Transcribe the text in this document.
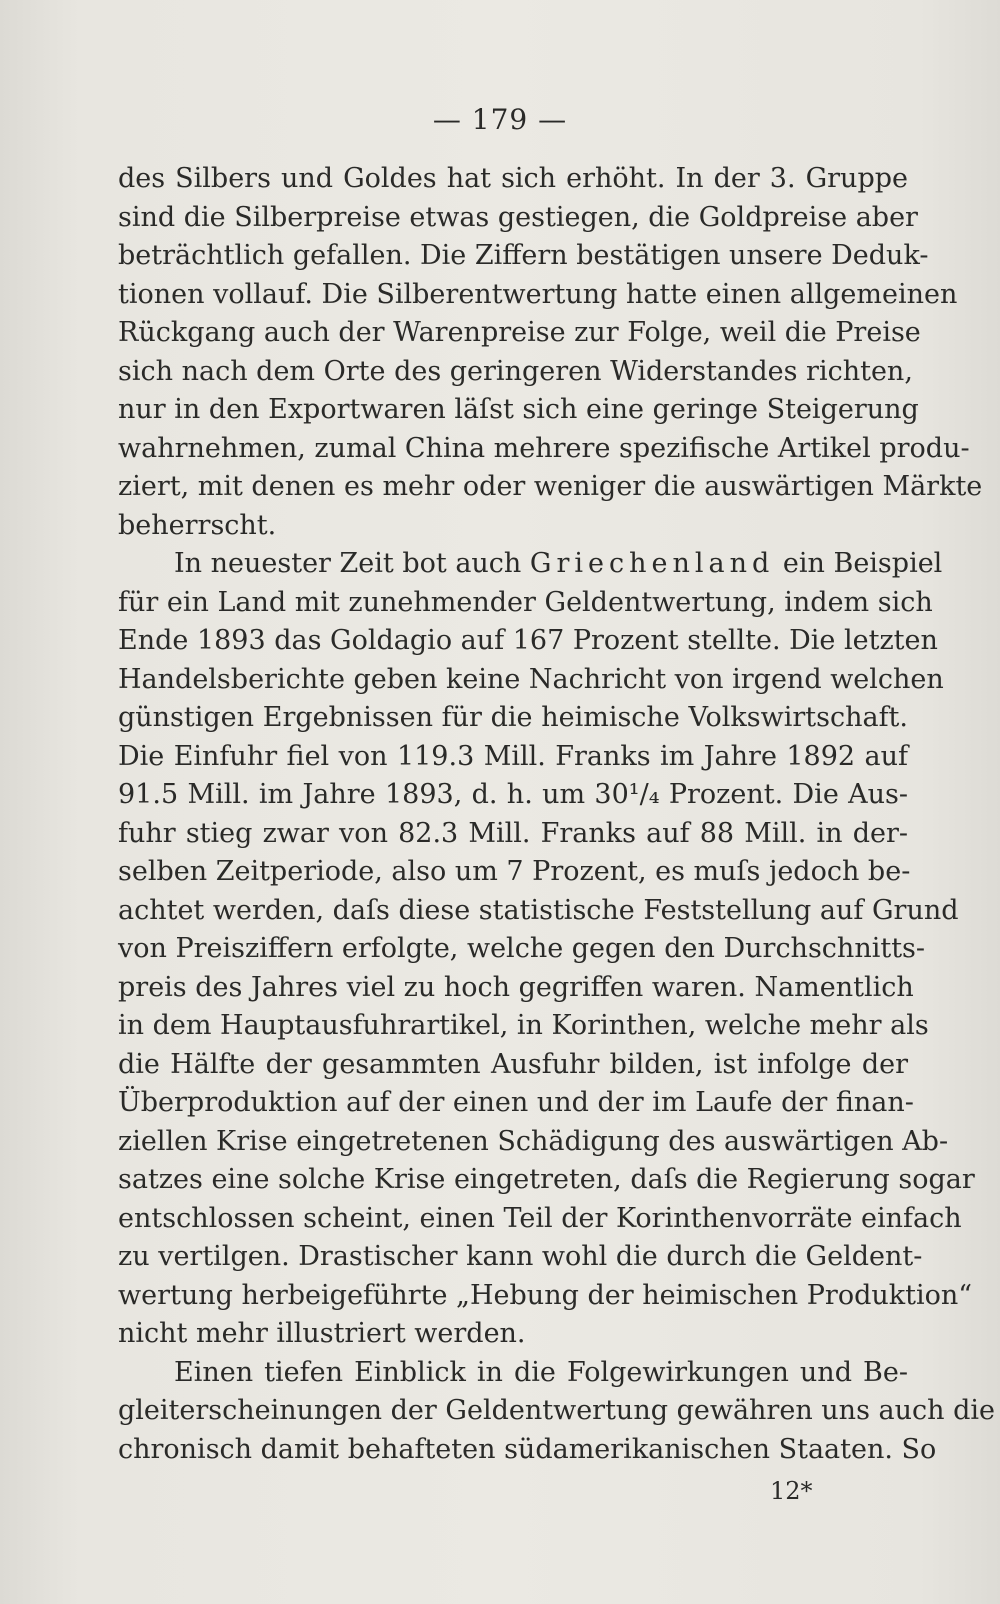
— 179 —
des Silbers und Goldes hat sich erhöht. In der 3. Gruppe
sind die Silberpreise etwas gestiegen, die Goldpreise aber
beträchtlich gefallen. Die Ziffern bestätigen unsere Deduk-
tionen vollauf. Die Silberentwertung hatte einen allgemeinen
Rückgang auch der Warenpreise zur Folge, weil die Preise
sich nach dem Orte des geringeren Widerstandes richten,
nur in den Exportwaren läſst sich eine geringe Steigerung
wahrnehmen, zumal China mehrere spezifische Artikel produ-
ziert, mit denen es mehr oder weniger die auswärtigen Märkte
beherrscht.
In neuester Zeit bot auch Griechenland ein Beispiel
für ein Land mit zunehmender Geldentwertung, indem sich
Ende 1893 das Goldagio auf 167 Prozent stellte. Die letzten
Handelsberichte geben keine Nachricht von irgend welchen
günstigen Ergebnissen für die heimische Volkswirtschaft.
Die Einfuhr fiel von 119.3 Mill. Franks im Jahre 1892 auf
91.5 Mill. im Jahre 1893, d. h. um 30¹/₄ Prozent. Die Aus-
fuhr stieg zwar von 82.3 Mill. Franks auf 88 Mill. in der-
selben Zeitperiode, also um 7 Prozent, es muſs jedoch be-
achtet werden, daſs diese statistische Feststellung auf Grund
von Preisziffern erfolgte, welche gegen den Durchschnitts-
preis des Jahres viel zu hoch gegriffen waren. Namentlich
in dem Hauptausfuhrartikel, in Korinthen, welche mehr als
die Hälfte der gesammten Ausfuhr bilden, ist infolge der
Überproduktion auf der einen und der im Laufe der finan-
ziellen Krise eingetretenen Schädigung des auswärtigen Ab-
satzes eine solche Krise eingetreten, daſs die Regierung sogar
entschlossen scheint, einen Teil der Korinthenvorräte einfach
zu vertilgen. Drastischer kann wohl die durch die Geldent-
wertung herbeigeführte „Hebung der heimischen Produktion“
nicht mehr illustriert werden.
Einen tiefen Einblick in die Folgewirkungen und Be-
gleiterscheinungen der Geldentwertung gewähren uns auch die
chronisch damit behafteten südamerikanischen Staaten. So
12*
